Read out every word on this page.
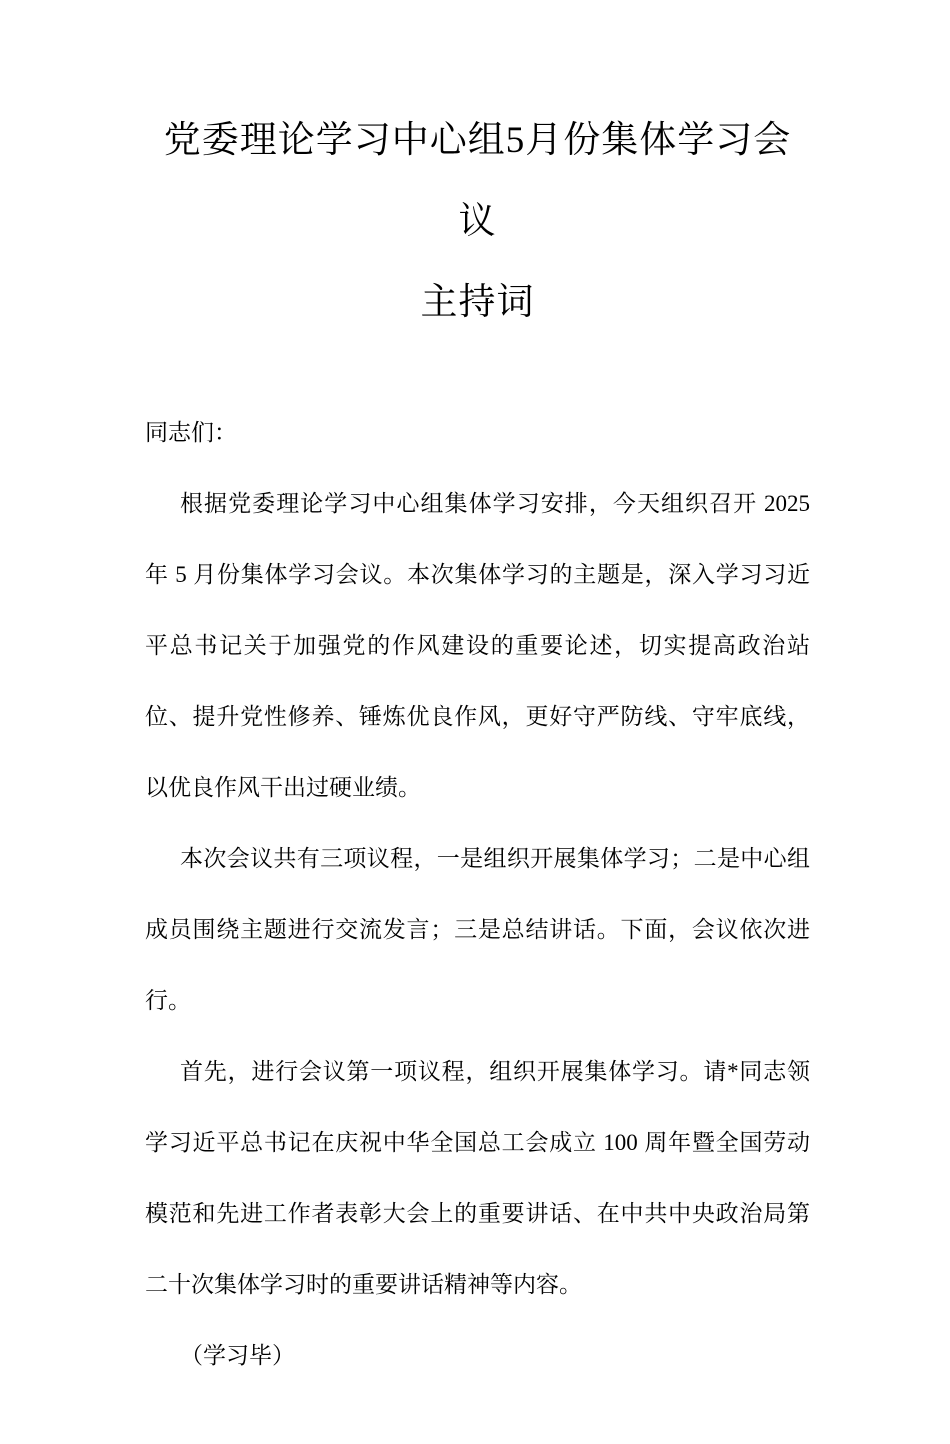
党委理论学习中心组5月份集体学习会议
主持词

同志们：

根据党委理论学习中心组集体学习安排，今天组织召开 2025 年 5 月份集体学习会议。本次集体学习的主题是，深入学习习近平总书记关于加强党的作风建设的重要论述，切实提高政治站位、提升党性修养、锤炼优良作风，更好守严防线、守牢底线，以优良作风干出过硬业绩。

本次会议共有三项议程，一是组织开展集体学习；二是中心组成员围绕主题进行交流发言；三是总结讲话。下面，会议依次进行。

首先，进行会议第一项议程，组织开展集体学习。请*同志领学习近平总书记在庆祝中华全国总工会成立 100 周年暨全国劳动模范和先进工作者表彰大会上的重要讲话、在中共中央政治局第二十次集体学习时的重要讲话精神等内容。

（学习毕）
